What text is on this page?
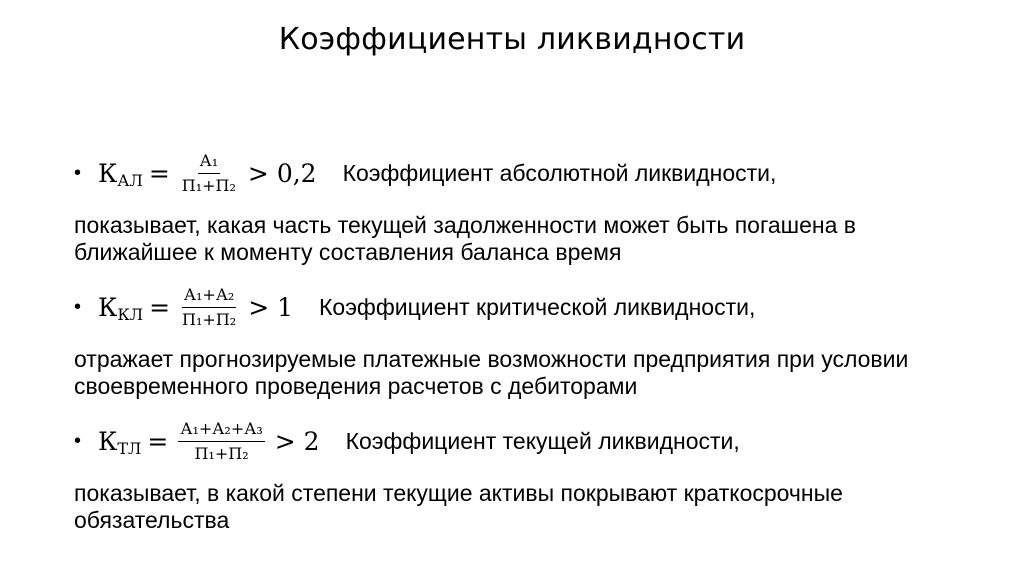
Коэффициенты ликвидности
• К АЛ = $\frac{\text{А₁}}{\text{П₁+П₂}} > 0,2$ Коэффициент абсолютной ликвидности,
показывает, какая часть текущей задолженности может быть погашена в ближайшее к моменту составления баланса время
• К КЛ = $\frac{\text{А₁+А₂}}{\text{П₁+П₂}} > 1$ Коэффициент критической ликвидности,
отражает прогнозируемые платежные возможности предприятия при условии своевременного проведения расчетов с дебиторами
• К ТЛ = $\frac{\text{А₁+А₂+А₃}}{\text{П₁+П₂}} > 2$ Коэффициент текущей ликвидности,
показывает, в какой степени текущие активы покрывают краткосрочные обязательства
